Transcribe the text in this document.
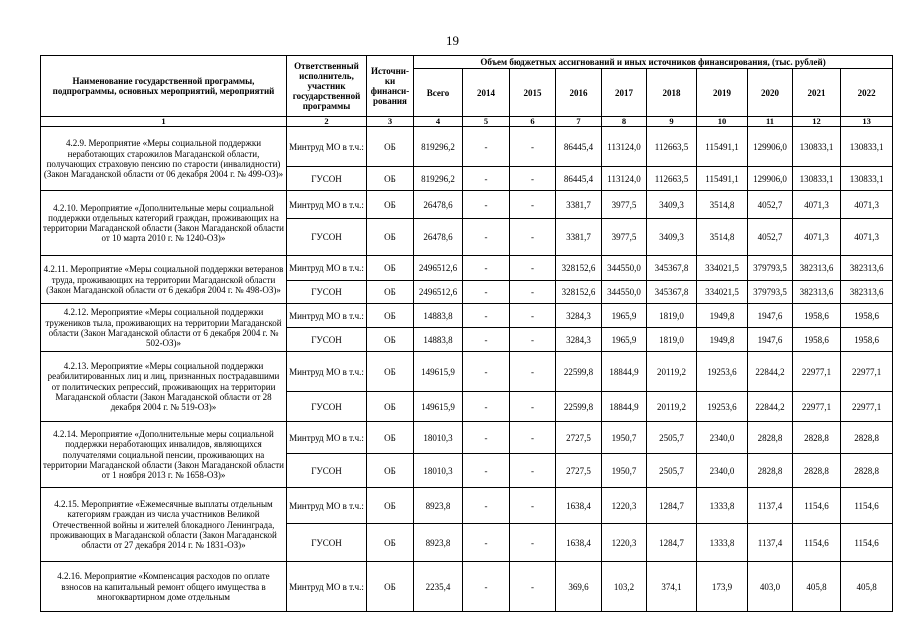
19
Наименование государственной программы, подпрограммы, основных мероприятий, мероприятий	Ответственный исполнитель, участник государственной программы	Источни-ки финанси-рования	Объем бюджетных ассигнований и иных источников финансирования, (тыс. рублей)									
			Всего	2014	2015	2016	2017	2018	2019	2020	2021	2022
1	2	3	4	5	6	7	8	9	10	11	12	13
4.2.9. Мероприятие «Меры социальной поддержки неработающих старожилов Магаданской области, получающих страховую пенсию по старости (инвалидности) (Закон Магаданской области от 06 декабря 2004 г. № 499-ОЗ)»	Минтруд МО в т.ч.:	ОБ	819296,2	-	-	86445,4	113124,0	112663,5	115491,1	129906,0	130833,1	130833,1
	ГУСОН	ОБ	819296,2	-	-	86445,4	113124,0	112663,5	115491,1	129906,0	130833,1	130833,1
4.2.10. Мероприятие «Дополнительные меры социальной поддержки отдельных категорий граждан, проживающих на территории Магаданской области (Закон Магаданской области от 10 марта 2010 г. № 1240-ОЗ)»	Минтруд МО в т.ч.:	ОБ	26478,6	-	-	3381,7	3977,5	3409,3	3514,8	4052,7	4071,3	4071,3
	ГУСОН	ОБ	26478,6	-	-	3381,7	3977,5	3409,3	3514,8	4052,7	4071,3	4071,3
4.2.11. Мероприятие «Меры социальной поддержки ветеранов труда, проживающих на территории Магаданской области (Закон Магаданской области от 6 декабря 2004 г. № 498-ОЗ)»	Минтруд МО в т.ч.:	ОБ	2496512,6	-	-	328152,6	344550,0	345367,8	334021,5	379793,5	382313,6	382313,6
	ГУСОН	ОБ	2496512,6	-	-	328152,6	344550,0	345367,8	334021,5	379793,5	382313,6	382313,6
4.2.12. Мероприятие «Меры социальной поддержки тружеников тыла, проживающих на территории Магаданской области (Закон Магаданской области от 6 декабря 2004 г. № 502-ОЗ)»	Минтруд МО в т.ч.:	ОБ	14883,8	-	-	3284,3	1965,9	1819,0	1949,8	1947,6	1958,6	1958,6
	ГУСОН	ОБ	14883,8	-	-	3284,3	1965,9	1819,0	1949,8	1947,6	1958,6	1958,6
4.2.13. Мероприятие «Меры социальной поддержки реабилитированных лиц и лиц, признанных пострадавшими от политических репрессий, проживающих на территории Магаданской области (Закон Магаданской области от 28 декабря 2004 г. № 519-ОЗ)»	Минтруд МО в т.ч.:	ОБ	149615,9	-	-	22599,8	18844,9	20119,2	19253,6	22844,2	22977,1	22977,1
	ГУСОН	ОБ	149615,9	-	-	22599,8	18844,9	20119,2	19253,6	22844,2	22977,1	22977,1
4.2.14. Мероприятие «Дополнительные меры социальной поддержки неработающих инвалидов, являющихся получателями социальной пенсии, проживающих на территории Магаданской области (Закон Магаданской области от 1 ноября 2013 г. № 1658-ОЗ)»	Минтруд МО в т.ч.:	ОБ	18010,3	-	-	2727,5	1950,7	2505,7	2340,0	2828,8	2828,8	2828,8
	ГУСОН	ОБ	18010,3	-	-	2727,5	1950,7	2505,7	2340,0	2828,8	2828,8	2828,8
4.2.15. Мероприятие «Ежемесячные выплаты отдельным категориям граждан из числа участников Великой Отечественной войны и жителей блокадного Ленинграда, проживающих в Магаданской области (Закон Магаданской области от 27 декабря 2014 г. № 1831-ОЗ)»	Минтруд МО в т.ч.:	ОБ	8923,8	-	-	1638,4	1220,3	1284,7	1333,8	1137,4	1154,6	1154,6
	ГУСОН	ОБ	8923,8	-	-	1638,4	1220,3	1284,7	1333,8	1137,4	1154,6	1154,6
4.2.16. Мероприятие «Компенсация расходов по оплате взносов на капитальный ремонт общего имущества в многоквартирном доме отдельным	Минтруд МО в т.ч.:	ОБ	2235,4	-	-	369,6	103,2	374,1	173,9	403,0	405,8	405,8
